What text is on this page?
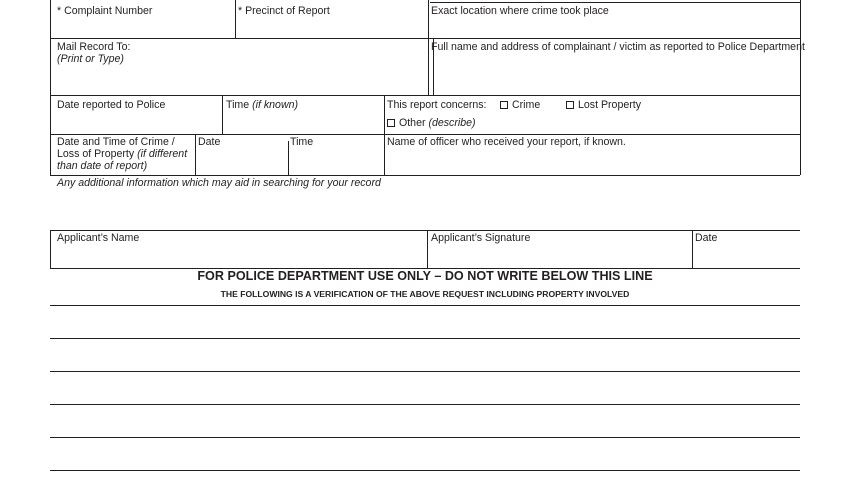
* Complaint Number	* Precinct of Report	Exact location where crime took place
Mail Record To:
(Print or Type)
Full name and address of complainant / victim as reported to Police Department
Date reported to Police	Time (if known)	This report concerns:	Crime	Lost Property
Other (describe)
Date and Time of Crime /
Loss of Property (if different
than date of report)
Date	Time	Name of officer who received your report, if known.
Any additional information which may aid in searching for your record
Applicant’s Name	Applicant’s Signature	Date
FOR POLICE DEPARTMENT USE ONLY – DO NOT WRITE BELOW THIS LINE
THE FOLLOWING IS A VERIFICATION OF THE ABOVE REQUEST INCLUDING PROPERTY INVOLVED
